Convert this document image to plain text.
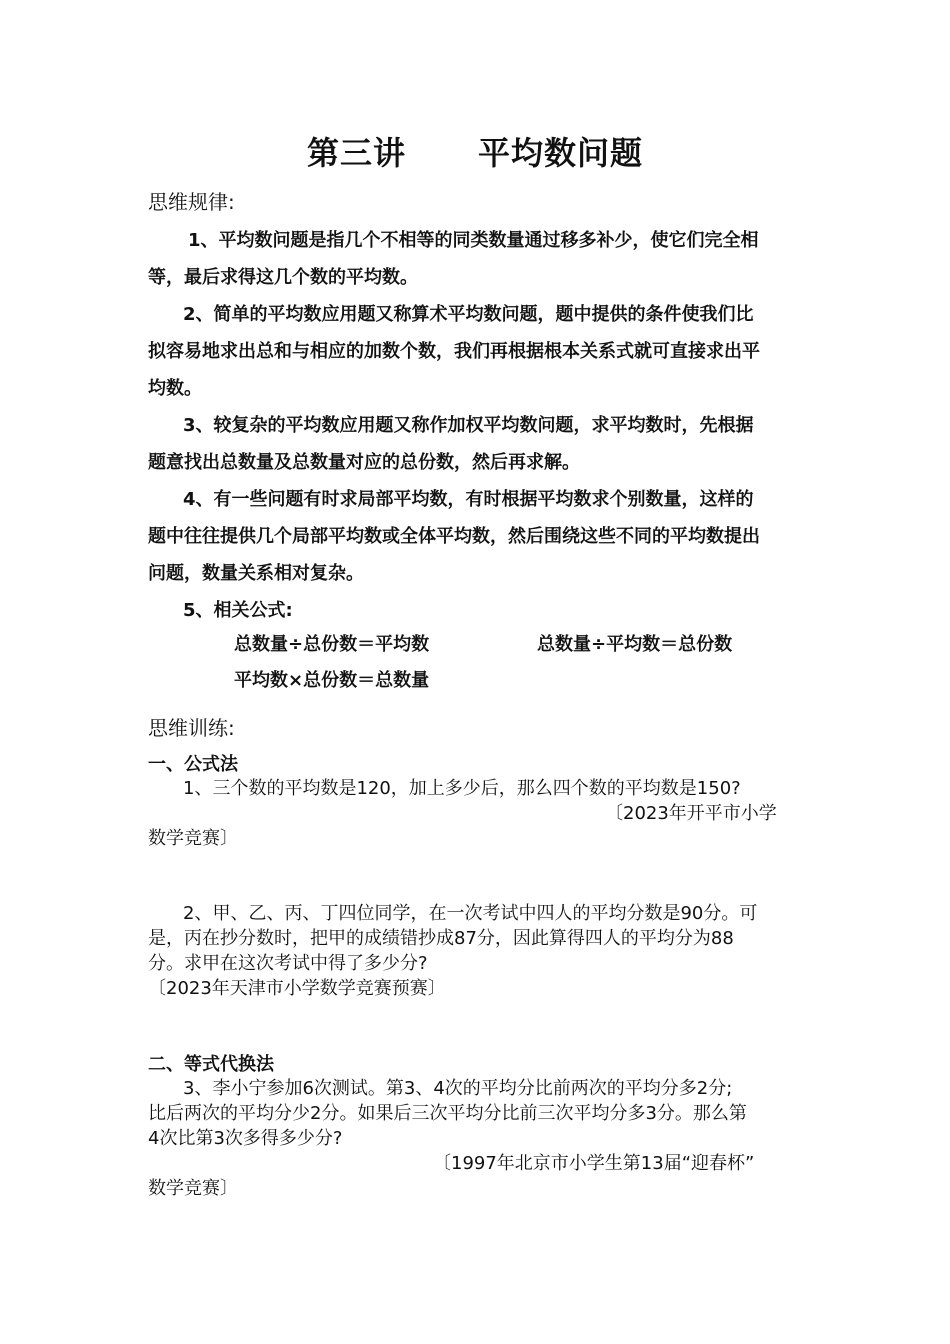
第三讲 平均数问题
思维规律:
1、平均数问题是指几个不相等的同类数量通过移多补少，使它们完全相
等，最后求得这几个数的平均数。
2、简单的平均数应用题又称算术平均数问题，题中提供的条件使我们比
拟容易地求出总和与相应的加数个数，我们再根据根本关系式就可直接求出平
均数。
3、较复杂的平均数应用题又称作加权平均数问题，求平均数时，先根据
题意找出总数量及总数量对应的总份数，然后再求解。
4、有一些问题有时求局部平均数，有时根据平均数求个别数量，这样的
题中往往提供几个局部平均数或全体平均数，然后围绕这些不同的平均数提出
问题，数量关系相对复杂。
5、相关公式:
总数量÷总份数＝平均数	总数量÷平均数＝总份数
平均数×总份数＝总数量
思维训练:
一、公式法
1、三个数的平均数是120，加上多少后，那么四个数的平均数是150?
〔2023年开平市小学
数学竞赛〕
2、甲、乙、丙、丁四位同学，在一次考试中四人的平均分数是90分。可
是，丙在抄分数时，把甲的成绩错抄成87分，因此算得四人的平均分为88
分。求甲在这次考试中得了多少分?
〔2023年天津市小学数学竞赛预赛〕
二、等式代换法
3、李小宁参加6次测试。第3、4次的平均分比前两次的平均分多2分;
比后两次的平均分少2分。如果后三次平均分比前三次平均分多3分。那么第
4次比第3次多得多少分?
〔1997年北京市小学生第13届“迎春杯”
数学竞赛〕
